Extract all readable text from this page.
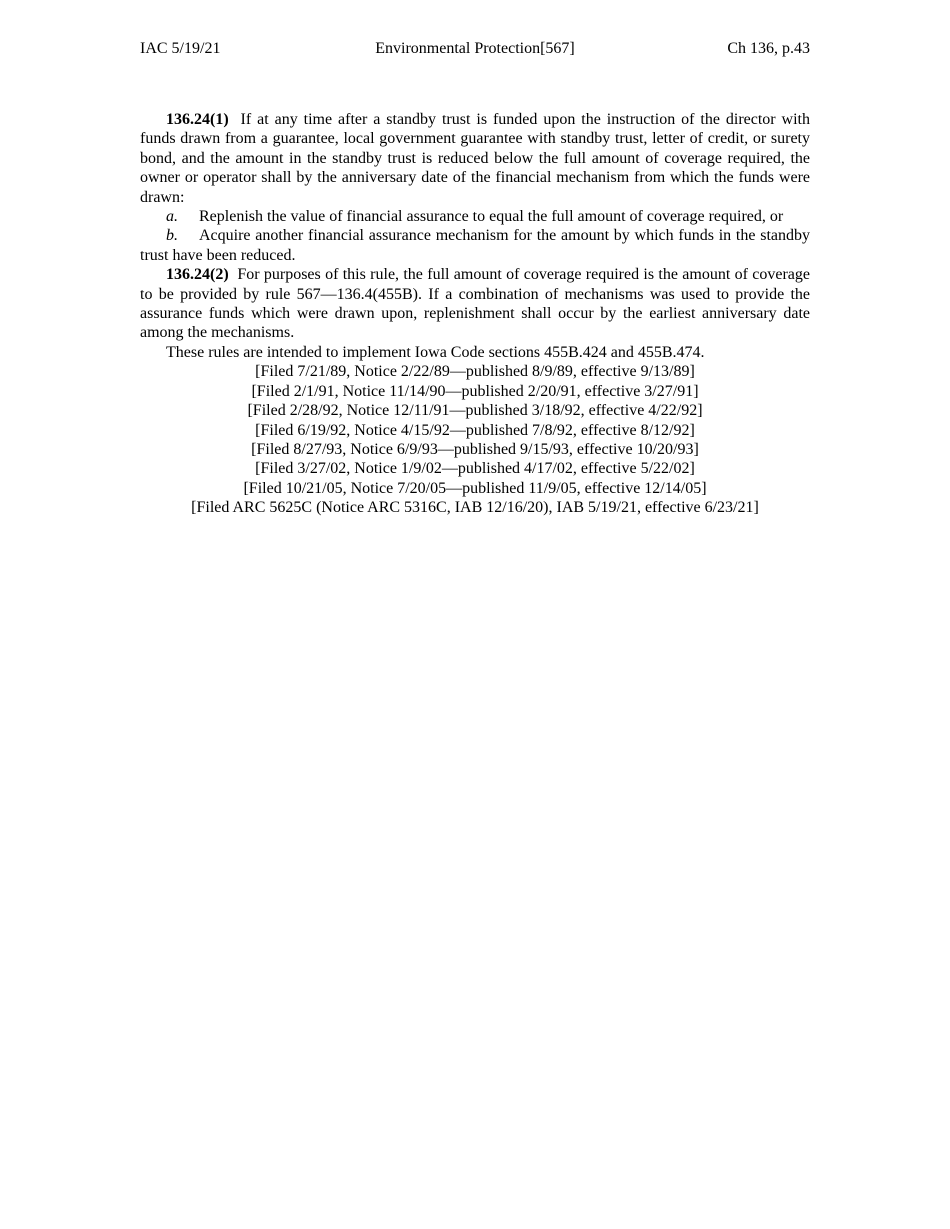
IAC 5/19/21	Environmental Protection[567]	Ch 136, p.43

136.24(1) If at any time after a standby trust is funded upon the instruction of the director with funds drawn from a guarantee, local government guarantee with standby trust, letter of credit, or surety bond, and the amount in the standby trust is reduced below the full amount of coverage required, the owner or operator shall by the anniversary date of the financial mechanism from which the funds were drawn:

a. Replenish the value of financial assurance to equal the full amount of coverage required, or

b. Acquire another financial assurance mechanism for the amount by which funds in the standby trust have been reduced.

136.24(2) For purposes of this rule, the full amount of coverage required is the amount of coverage to be provided by rule 567—136.4(455B). If a combination of mechanisms was used to provide the assurance funds which were drawn upon, replenishment shall occur by the earliest anniversary date among the mechanisms.

These rules are intended to implement Iowa Code sections 455B.424 and 455B.474.

[Filed 7/21/89, Notice 2/22/89—published 8/9/89, effective 9/13/89]

[Filed 2/1/91, Notice 11/14/90—published 2/20/91, effective 3/27/91]

[Filed 2/28/92, Notice 12/11/91—published 3/18/92, effective 4/22/92]

[Filed 6/19/92, Notice 4/15/92—published 7/8/92, effective 8/12/92]

[Filed 8/27/93, Notice 6/9/93—published 9/15/93, effective 10/20/93]

[Filed 3/27/02, Notice 1/9/02—published 4/17/02, effective 5/22/02]

[Filed 10/21/05, Notice 7/20/05—published 11/9/05, effective 12/14/05]

[Filed ARC 5625C (Notice ARC 5316C, IAB 12/16/20), IAB 5/19/21, effective 6/23/21]
